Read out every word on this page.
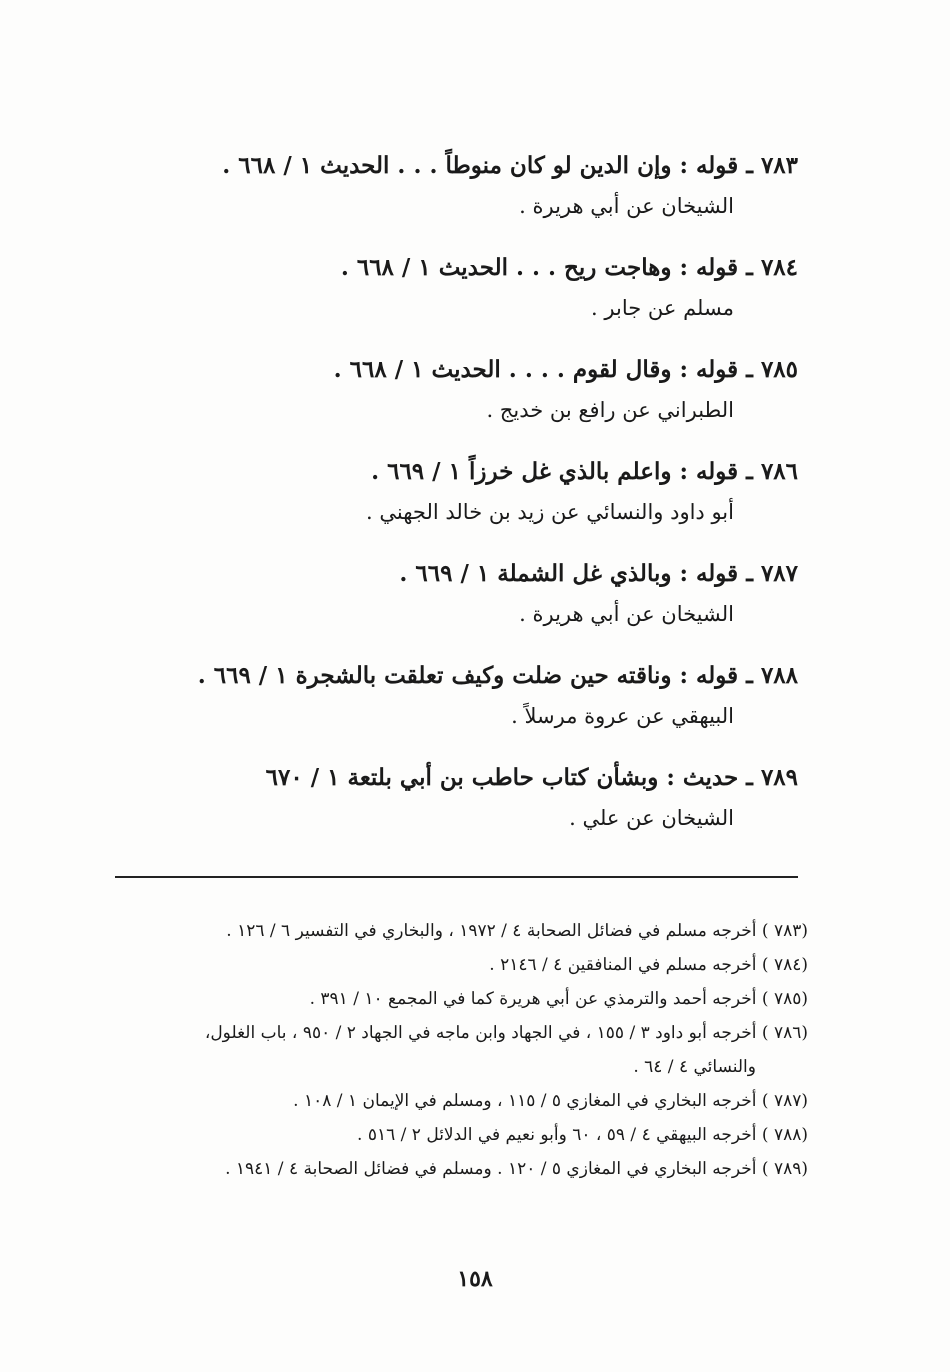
٧٨٣ ـ قوله : وإن الدين لو كان منوطاً . . . الحديث ١ / ٦٦٨ .
الشيخان عن أبي هريرة .
٧٨٤ ـ قوله : وهاجت ريح . . . الحديث ١ / ٦٦٨ .
مسلم عن جابر .
٧٨٥ ـ قوله : وقال لقوم . . . . الحديث ١ / ٦٦٨ .
الطبراني عن رافع بن خديج .
٧٨٦ ـ قوله : واعلم بالذي غل خرزاً ١ / ٦٦٩ .
أبو داود والنسائي عن زيد بن خالد الجهني .
٧٨٧ ـ قوله : وبالذي غل الشملة ١ / ٦٦٩ .
الشيخان عن أبي هريرة .
٧٨٨ ـ قوله : وناقته حين ضلت وكيف تعلقت بالشجرة ١ / ٦٦٩ .
البيهقي عن عروة مرسلاً .
٧٨٩ ـ حديث : وبشأن كتاب حاطب بن أبي بلتعة ١ / ٦٧٠
الشيخان عن علي .
(٧٨٣ ) أخرجه مسلم في فضائل الصحابة ٤ / ١٩٧٢ ، والبخاري في التفسير ٦ / ١٢٦ .
(٧٨٤ ) أخرجه مسلم في المنافقين ٤ / ٢١٤٦ .
(٧٨٥ ) أخرجه أحمد والترمذي عن أبي هريرة كما في المجمع ١٠ / ٣٩١ .
(٧٨٦ ) أخرجه أبو داود ٣ / ١٥٥ ، في الجهاد وابن ماجه في الجهاد ٢ / ٩٥٠ ، باب الغلول،
والنسائي ٤ / ٦٤ .
(٧٨٧ ) أخرجه البخاري في المغازي ٥ / ١١٥ ، ومسلم في الإيمان ١ / ١٠٨ .
(٧٨٨ ) أخرجه البيهقي ٤ / ٥٩ ، ٦٠ وأبو نعيم في الدلائل ٢ / ٥١٦ .
(٧٨٩ ) أخرجه البخاري في المغازي ٥ / ١٢٠ . ومسلم في فضائل الصحابة ٤ / ١٩٤١ .
١٥٨
